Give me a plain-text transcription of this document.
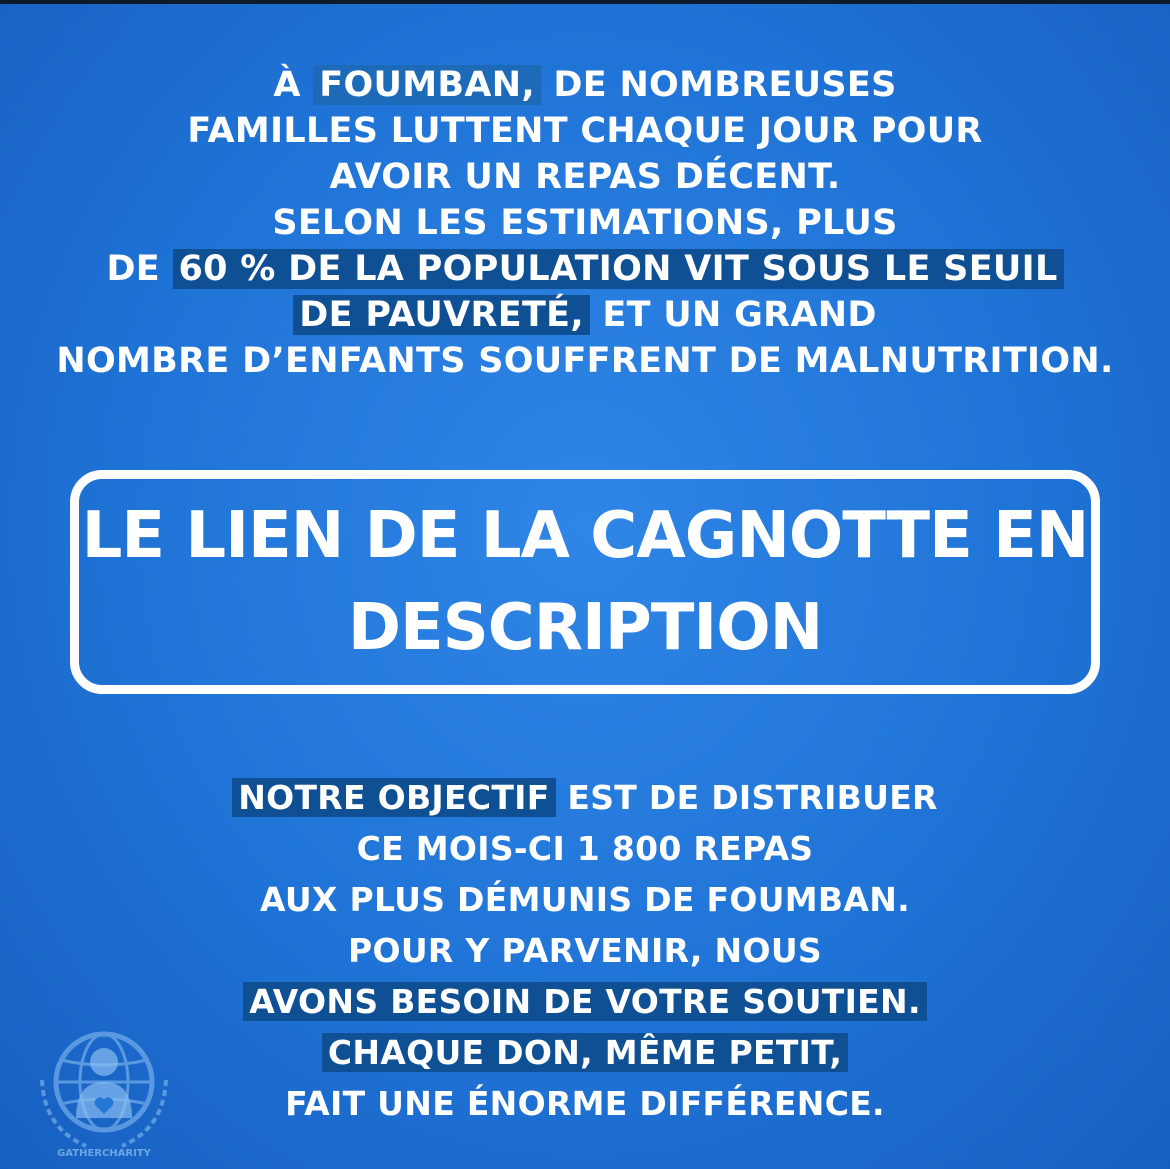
À FOUMBAN, DE NOMBREUSES
FAMILLES LUTTENT CHAQUE JOUR POUR
AVOIR UN REPAS DÉCENT.
SELON LES ESTIMATIONS, PLUS
DE 60 % DE LA POPULATION VIT SOUS LE SEUIL
DE PAUVRETÉ, ET UN GRAND
NOMBRE D’ENFANTS SOUFFRENT DE MALNUTRITION.
LE LIEN DE LA CAGNOTTE EN
DESCRIPTION
NOTRE OBJECTIF EST DE DISTRIBUER
CE MOIS-CI 1 800 REPAS
AUX PLUS DÉMUNIS DE FOUMBAN.
POUR Y PARVENIR, NOUS
AVONS BESOIN DE VOTRE SOUTIEN.
CHAQUE DON, MÊME PETIT,
FAIT UNE ÉNORME DIFFÉRENCE.
GATHERCHARITY
